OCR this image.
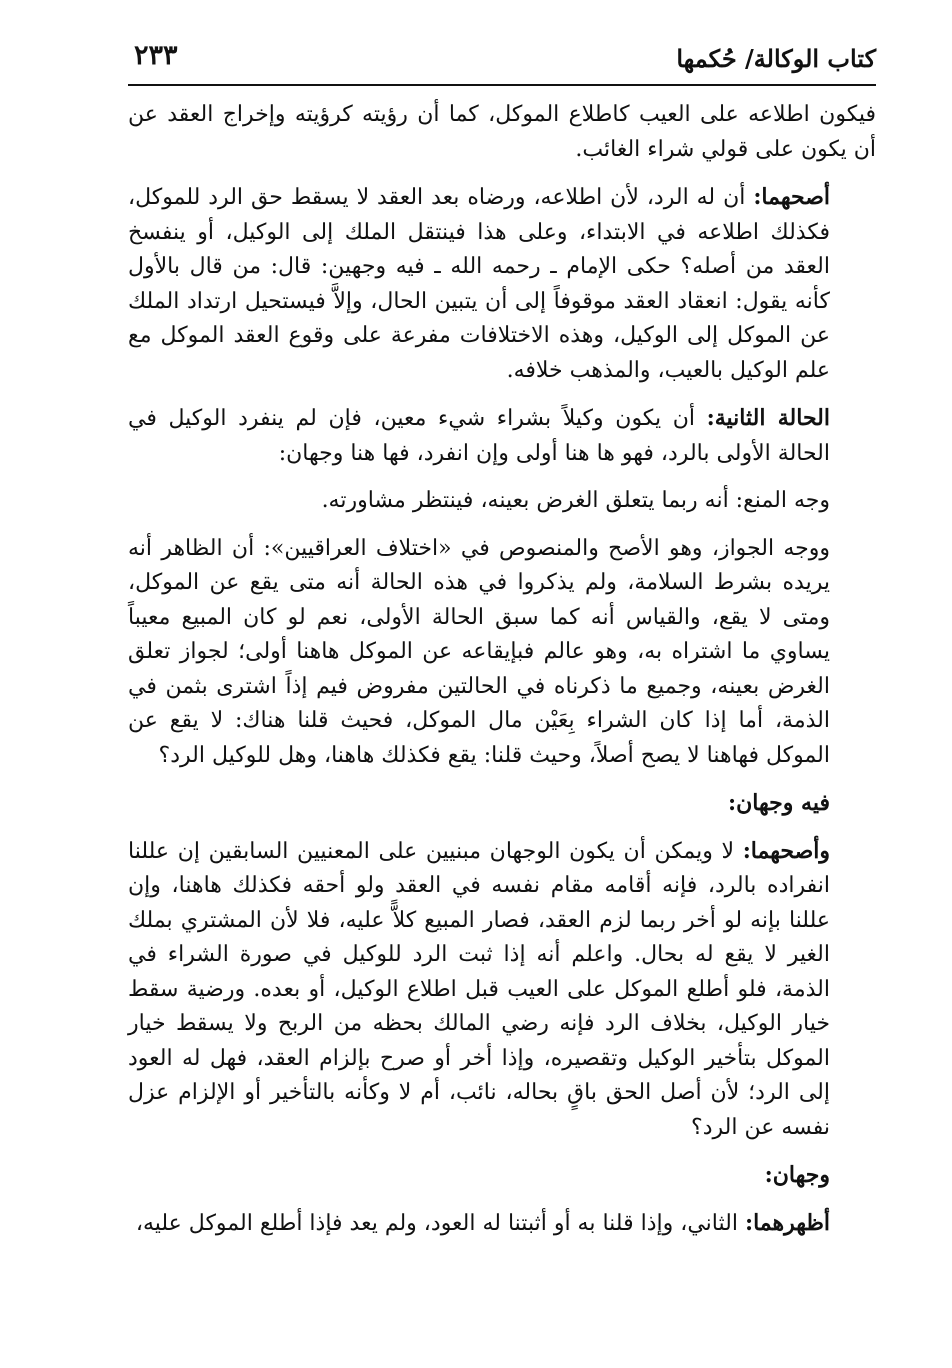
كتاب الوكالة/ حُكمها
٢٣٣

فيكون اطلاعه على العيب كاطلاع الموكل، كما أن رؤيته كرؤيته وإخراج العقد عن أن يكون على قولي شراء الغائب.

أصحهما: أن له الرد، لأن اطلاعه، ورضاه بعد العقد لا يسقط حق الرد للموكل، فكذلك اطلاعه في الابتداء، وعلى هذا فينتقل الملك إلى الوكيل، أو ينفسخ العقد من أصله؟ حكى الإمام ـ رحمه الله ـ فيه وجهين: قال: من قال بالأول كأنه يقول: انعقاد العقد موقوفاً إلى أن يتبين الحال، وإلاَّ فيستحيل ارتداد الملك عن الموكل إلى الوكيل، وهذه الاختلافات مفرعة على وقوع العقد الموكل مع علم الوكيل بالعيب، والمذهب خلافه.

الحالة الثانية: أن يكون وكيلاً بشراء شيء معين، فإن لم ينفرد الوكيل في الحالة الأولى بالرد، فهو ها هنا أولى وإن انفرد، فها هنا وجهان:

وجه المنع: أنه ربما يتعلق الغرض بعينه، فينتظر مشاورته.

ووجه الجواز، وهو الأصح والمنصوص في «اختلاف العراقيين»: أن الظاهر أنه يريده بشرط السلامة، ولم يذكروا في هذه الحالة أنه متى يقع عن الموكل، ومتى لا يقع، والقياس أنه كما سبق الحالة الأولى، نعم لو كان المبيع معيباً يساوي ما اشتراه به، وهو عالم فبإيقاعه عن الموكل هاهنا أولى؛ لجواز تعلق الغرض بعينه، وجميع ما ذكرناه في الحالتين مفروض فيم إذاً اشترى بثمن في الذمة، أما إذا كان الشراء بِعَيْن مال الموكل، فحيث قلنا هناك: لا يقع عن الموكل فهاهنا لا يصح أصلاً، وحيث قلنا: يقع فكذلك هاهنا، وهل للوكيل الرد؟

فيه وجهان:

وأصحهما: لا ويمكن أن يكون الوجهان مبنيين على المعنيين السابقين إن عللنا انفراده بالرد، فإنه أقامه مقام نفسه في العقد ولو أحقه فكذلك هاهنا، وإن عللنا بإنه لو أخر ربما لزم العقد، فصار المبيع كلاًّ عليه، فلا لأن المشتري بملك الغير لا يقع له بحال. واعلم أنه إذا ثبت الرد للوكيل في صورة الشراء في الذمة، فلو أطلع الموكل على العيب قبل اطلاع الوكيل، أو بعده. ورضية سقط خيار الوكيل، بخلاف الرد فإنه رضي المالك بحظه من الربح ولا يسقط خيار الموكل بتأخير الوكيل وتقصيره، وإذا أخر أو صرح بإلزام العقد، فهل له العود إلى الرد؛ لأن أصل الحق باقٍ بحاله، نائب، أم لا وكأنه بالتأخير أو الإلزام عزل نفسه عن الرد؟

وجهان:

أظهرهما: الثاني، وإذا قلنا به أو أثبتنا له العود، ولم يعد فإذا أطلع الموكل عليه،
